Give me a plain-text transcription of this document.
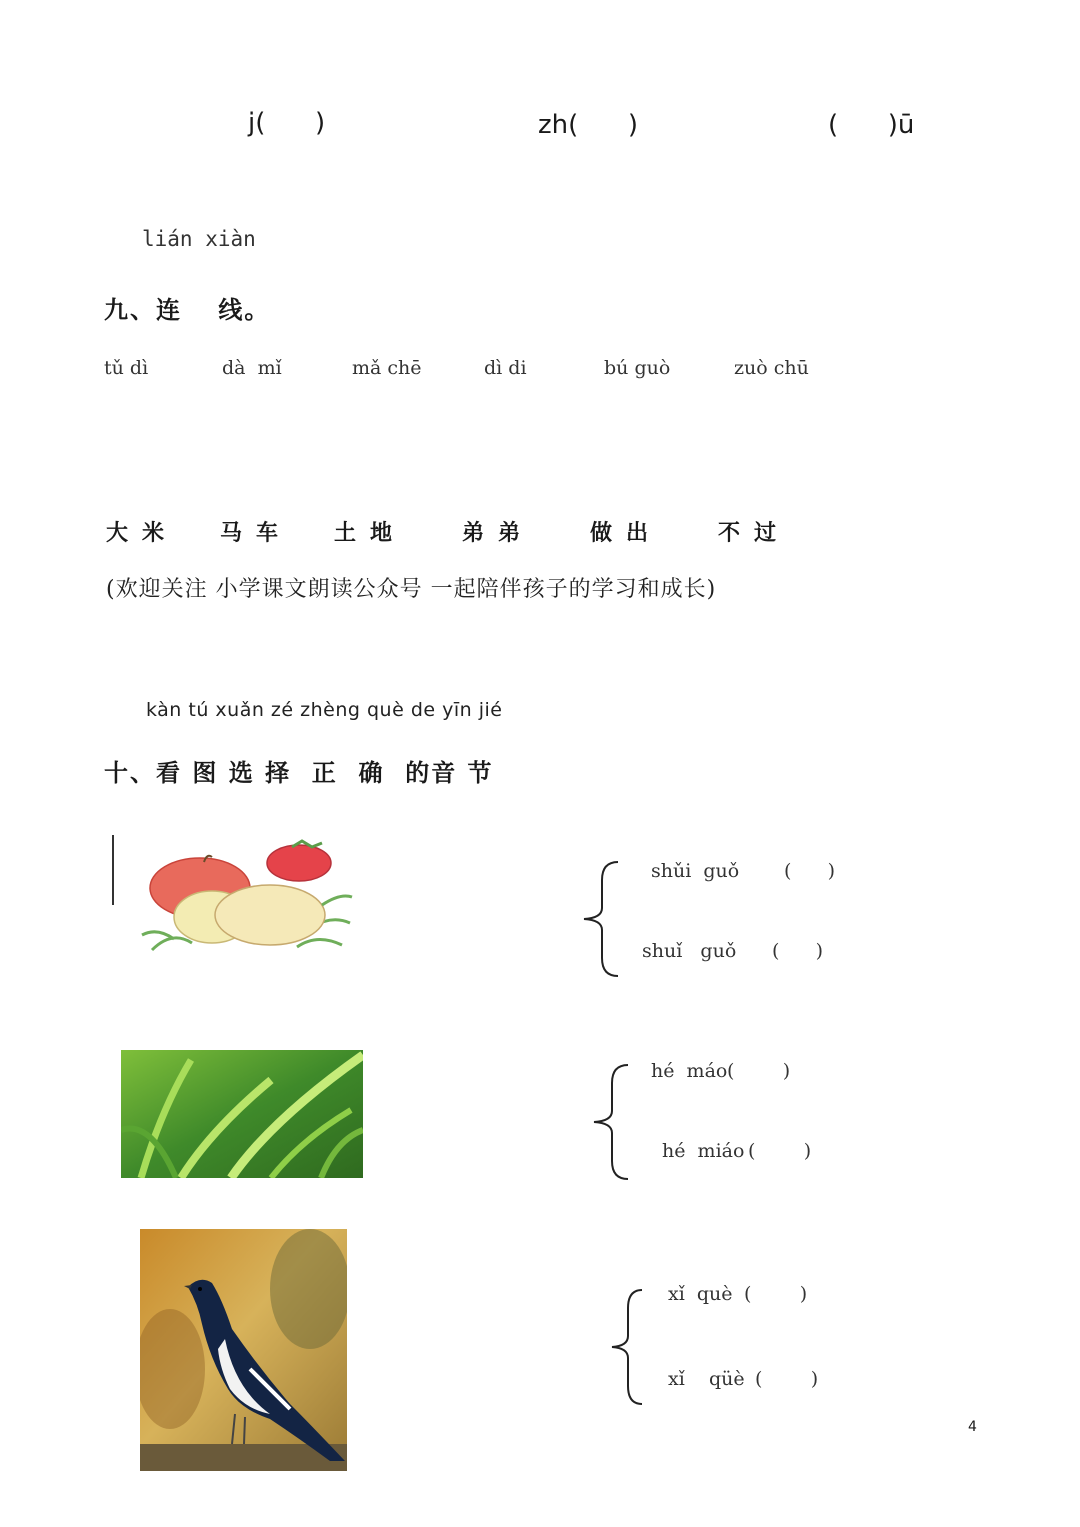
j(      )	zh(      )	(      )ū
lián xiàn
九、连　 线。
tǔ dì	dà  mǐ	mǎ chē	dì di	bú guò	zuò chū
大米 马车 土地	弟弟	做出	不过
(欢迎关注 小学课文朗读公众号 一起陪伴孩子的学习和成长)
kàn tú xuǎn zé zhèng què de yīn jié
十、看 图 选 择  正  确  的音 节
shǔi  guǒ (      )
shuǐ   guǒ (      )
hé  máo (        )
hé  miáo (        )
xǐ  què (        )
xǐ    qüè (        )
4
